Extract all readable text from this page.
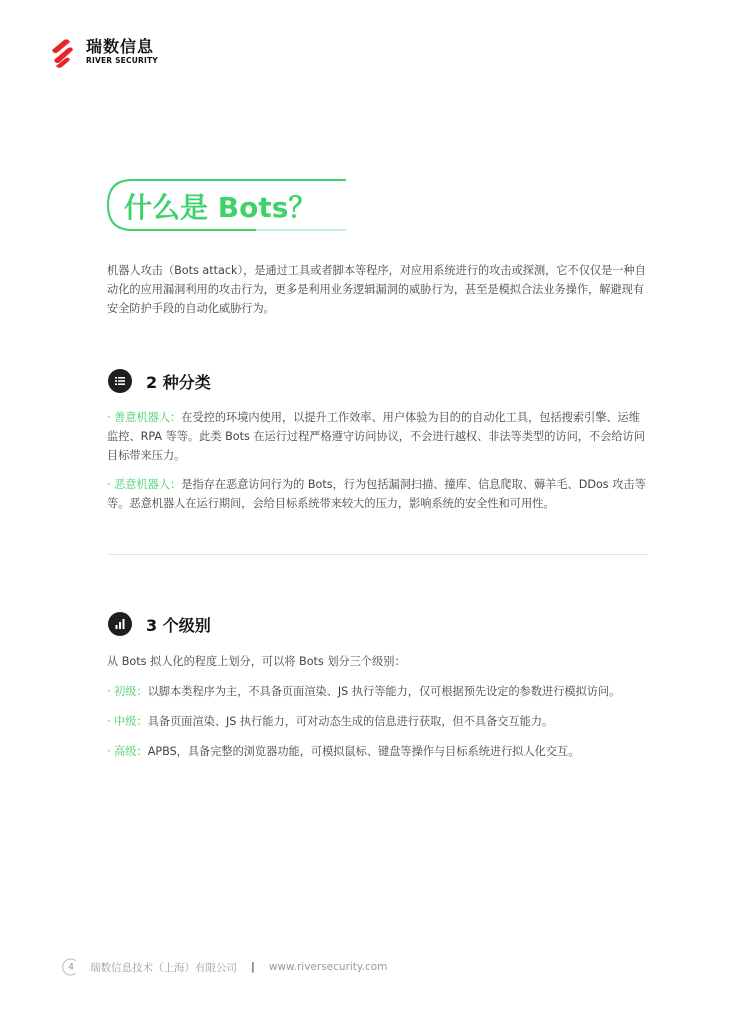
瑞数信息
RIVER SECURITY
什么是 Bots？

机器人攻击（Bots attack），是通过工具或者脚本等程序，对应用系统进行的攻击或探测，它不仅仅是一种自动化的应用漏洞利用的攻击行为，更多是利用业务逻辑漏洞的威胁行为，甚至是模拟合法业务操作，解避现有安全防护手段的自动化威胁行为。

2 种分类

· 善意机器人：在受控的环境内使用，以提升工作效率、用户体验为目的的自动化工具，包括搜索引擎、运维监控、RPA 等等。此类 Bots 在运行过程严格遵守访问协议，不会进行越权、非法等类型的访问，不会给访问目标带来压力。

· 恶意机器人：是指存在恶意访问行为的 Bots，行为包括漏洞扫描、撞库、信息爬取、薅羊毛、DDos 攻击等等。恶意机器人在运行期间，会给目标系统带来较大的压力，影响系统的安全性和可用性。

3 个级别

从 Bots 拟人化的程度上划分，可以将 Bots 划分三个级别：

· 初级：以脚本类程序为主，不具备页面渲染、JS 执行等能力，仅可根据预先设定的参数进行模拟访问。

· 中级：具备页面渲染、JS 执行能力，可对动态生成的信息进行获取，但不具备交互能力。

· 高级：APBS，具备完整的浏览器功能，可模拟鼠标、键盘等操作与目标系统进行拟人化交互。

4 瑞数信息技术（上海）有限公司 | www.riversecurity.com
